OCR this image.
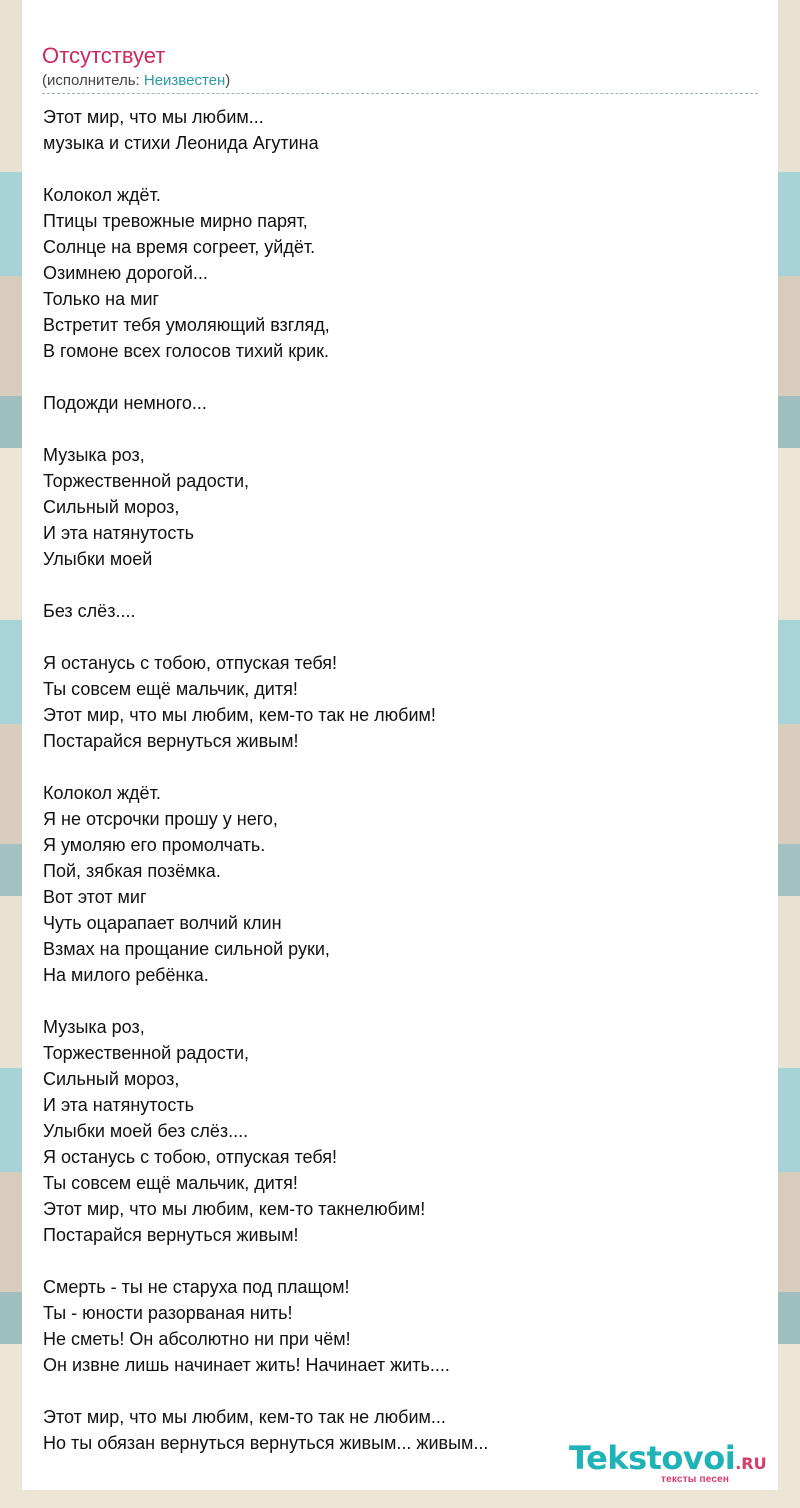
Отсутствует
(исполнитель: Неизвестен)
Этот мир, что мы любим...
музыка и стихи Леонида Агутина
Колокол ждёт.
Птицы тревожные мирно парят,
Солнце на время согреет, уйдёт.
Озимнею дорогой...
Только на миг
Встретит тебя умоляющий взгляд,
В гомоне всех голосов тихий крик.
Подожди немного...
Музыка роз,
Торжественной радости,
Сильный мороз,
И эта натянутость
Улыбки моей
Без слёз....
Я останусь с тобою, отпуская тебя!
Ты совсем ещё мальчик, дитя!
Этот мир, что мы любим, кем-то так не любим!
Постарайся вернуться живым!
Колокол ждёт.
Я не отсрочки прошу у него,
Я умоляю его промолчать.
Пой, зябкая позёмка.
Вот этот миг
Чуть оцарапает волчий клин
Взмах на прощание сильной руки,
На милого ребёнка.
Музыка роз,
Торжественной радости,
Сильный мороз,
И эта натянутость
Улыбки моей без слёз....
Я останусь с тобою, отпуская тебя!
Ты совсем ещё мальчик, дитя!
Этот мир, что мы любим, кем-то такнелюбим!
Постарайся вернуться живым!
Смерть - ты не старуха под плащом!
Ты - юности разорваная нить!
Не сметь! Он абсолютно ни при чём!
Он извне лишь начинает жить! Начинает жить....
Этот мир, что мы любим, кем-то так не любим...
Но ты обязан вернуться вернуться живым... живым...	Tekstovoi.RU
тексты песен
